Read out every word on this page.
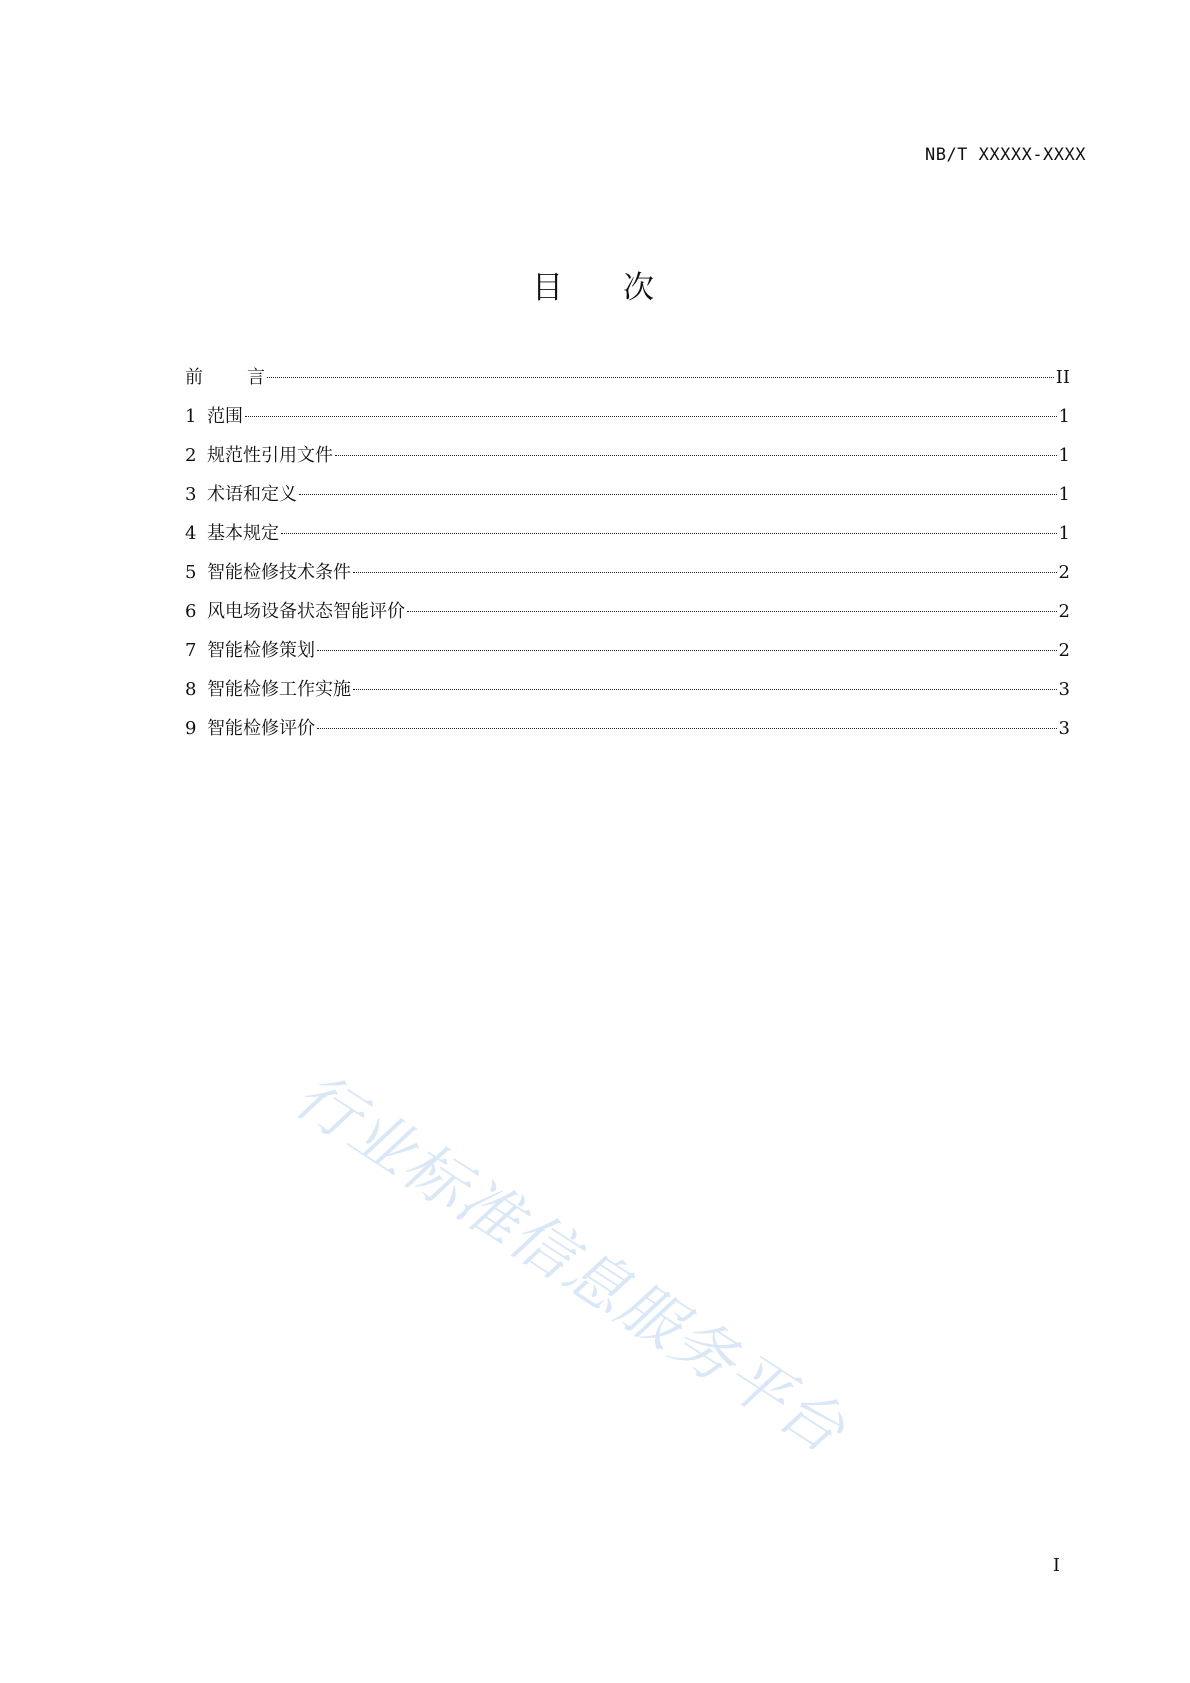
NB/T XXXXX-XXXX
目 次
前 言	II
1 范围	1
2 规范性引用文件	1
3 术语和定义	1
4 基本规定	1
5 智能检修技术条件	2
6 风电场设备状态智能评价	2
7 智能检修策划	2
8 智能检修工作实施	3
9 智能检修评价	3
行业标准信息服务平台
I
